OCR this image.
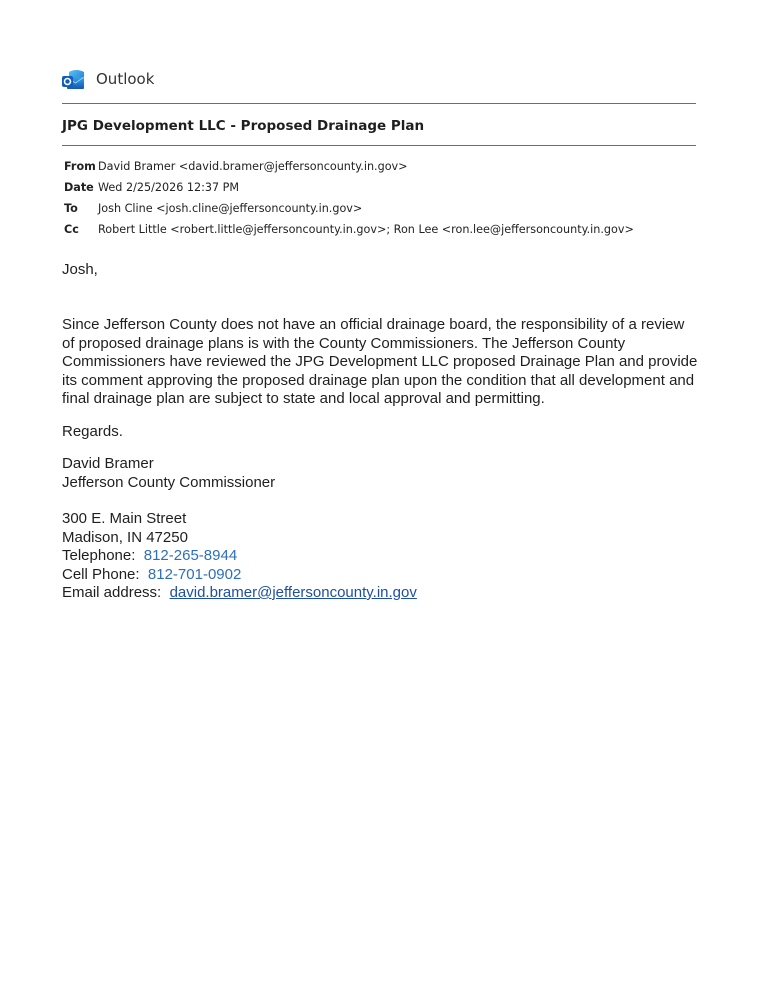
Outlook
JPG Development LLC - Proposed Drainage Plan
From David Bramer <david.bramer@jeffersoncounty.in.gov>
Date Wed 2/25/2026 12:37 PM
To	Josh Cline <josh.cline@jeffersoncounty.in.gov>
Cc	Robert Little <robert.little@jeffersoncounty.in.gov>; Ron Lee <ron.lee@jeffersoncounty.in.gov>

Josh,

Since Jefferson County does not have an official drainage board, the responsibility of a review
of proposed drainage plans is with the County Commissioners. The Jefferson County
Commissioners have reviewed the JPG Development LLC proposed Drainage Plan and provide
its comment approving the proposed drainage plan upon the condition that all development and
final drainage plan are subject to state and local approval and permitting.
Regards.
David Bramer
Jefferson County Commissioner
300 E. Main Street
Madison, IN 47250
Telephone: 812-265-8944
Cell Phone: 812-701-0902
Email address: david.bramer@jeffersoncounty.in.gov
